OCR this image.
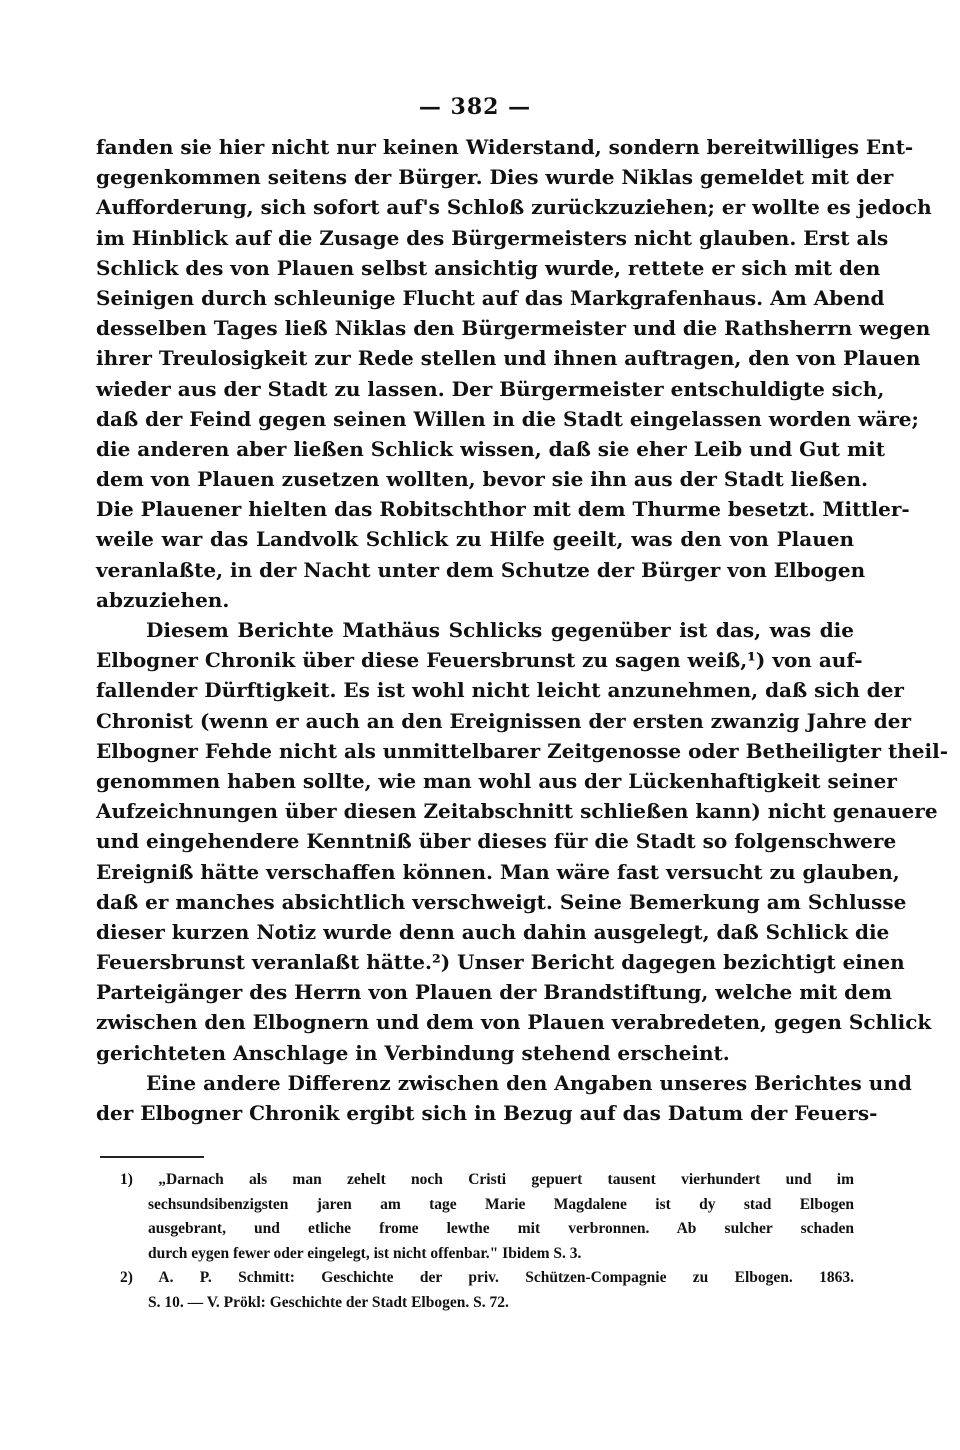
— 382 —
fanden sie hier nicht nur keinen Widerstand, sondern bereitwilliges Ent-
gegenkommen seitens der Bürger. Dies wurde Niklas gemeldet mit der
Aufforderung, sich sofort auf's Schloß zurückzuziehen; er wollte es jedoch
im Hinblick auf die Zusage des Bürgermeisters nicht glauben. Erst als
Schlick des von Plauen selbst ansichtig wurde, rettete er sich mit den
Seinigen durch schleunige Flucht auf das Markgrafenhaus. Am Abend
desselben Tages ließ Niklas den Bürgermeister und die Rathsherrn wegen
ihrer Treulosigkeit zur Rede stellen und ihnen auftragen, den von Plauen
wieder aus der Stadt zu lassen. Der Bürgermeister entschuldigte sich,
daß der Feind gegen seinen Willen in die Stadt eingelassen worden wäre;
die anderen aber ließen Schlick wissen, daß sie eher Leib und Gut mit
dem von Plauen zusetzen wollten, bevor sie ihn aus der Stadt ließen.
Die Plauener hielten das Robitschthor mit dem Thurme besetzt. Mittler-
weile war das Landvolk Schlick zu Hilfe geeilt, was den von Plauen
veranlaßte, in der Nacht unter dem Schutze der Bürger von Elbogen
abzuziehen.
Diesem Berichte Mathäus Schlicks gegenüber ist das, was die
Elbogner Chronik über diese Feuersbrunst zu sagen weiß,¹) von auf-
fallender Dürftigkeit. Es ist wohl nicht leicht anzunehmen, daß sich der
Chronist (wenn er auch an den Ereignissen der ersten zwanzig Jahre der
Elbogner Fehde nicht als unmittelbarer Zeitgenosse oder Betheiligter theil-
genommen haben sollte, wie man wohl aus der Lückenhaftigkeit seiner
Aufzeichnungen über diesen Zeitabschnitt schließen kann) nicht genauere
und eingehendere Kenntniß über dieses für die Stadt so folgenschwere
Ereigniß hätte verschaffen können. Man wäre fast versucht zu glauben,
daß er manches absichtlich verschweigt. Seine Bemerkung am Schlusse
dieser kurzen Notiz wurde denn auch dahin ausgelegt, daß Schlick die
Feuersbrunst veranlaßt hätte.²) Unser Bericht dagegen bezichtigt einen
Parteigänger des Herrn von Plauen der Brandstiftung, welche mit dem
zwischen den Elbognern und dem von Plauen verabredeten, gegen Schlick
gerichteten Anschlage in Verbindung stehend erscheint.
Eine andere Differenz zwischen den Angaben unseres Berichtes und
der Elbogner Chronik ergibt sich in Bezug auf das Datum der Feuers-
1) „Darnach als man zehelt noch Cristi gepuert tausent vierhundert und im
sechsundsibenzigsten jaren am tage Marie Magdalene ist dy stad Elbogen
ausgebrant, und etliche frome lewthe mit verbronnen. Ab sulcher schaden
durch eygen fewer oder eingelegt, ist nicht offenbar." Ibidem S. 3.
2) A. P. Schmitt: Geschichte der priv. Schützen-Compagnie zu Elbogen. 1863.
S. 10. — V. Prökl: Geschichte der Stadt Elbogen. S. 72.
